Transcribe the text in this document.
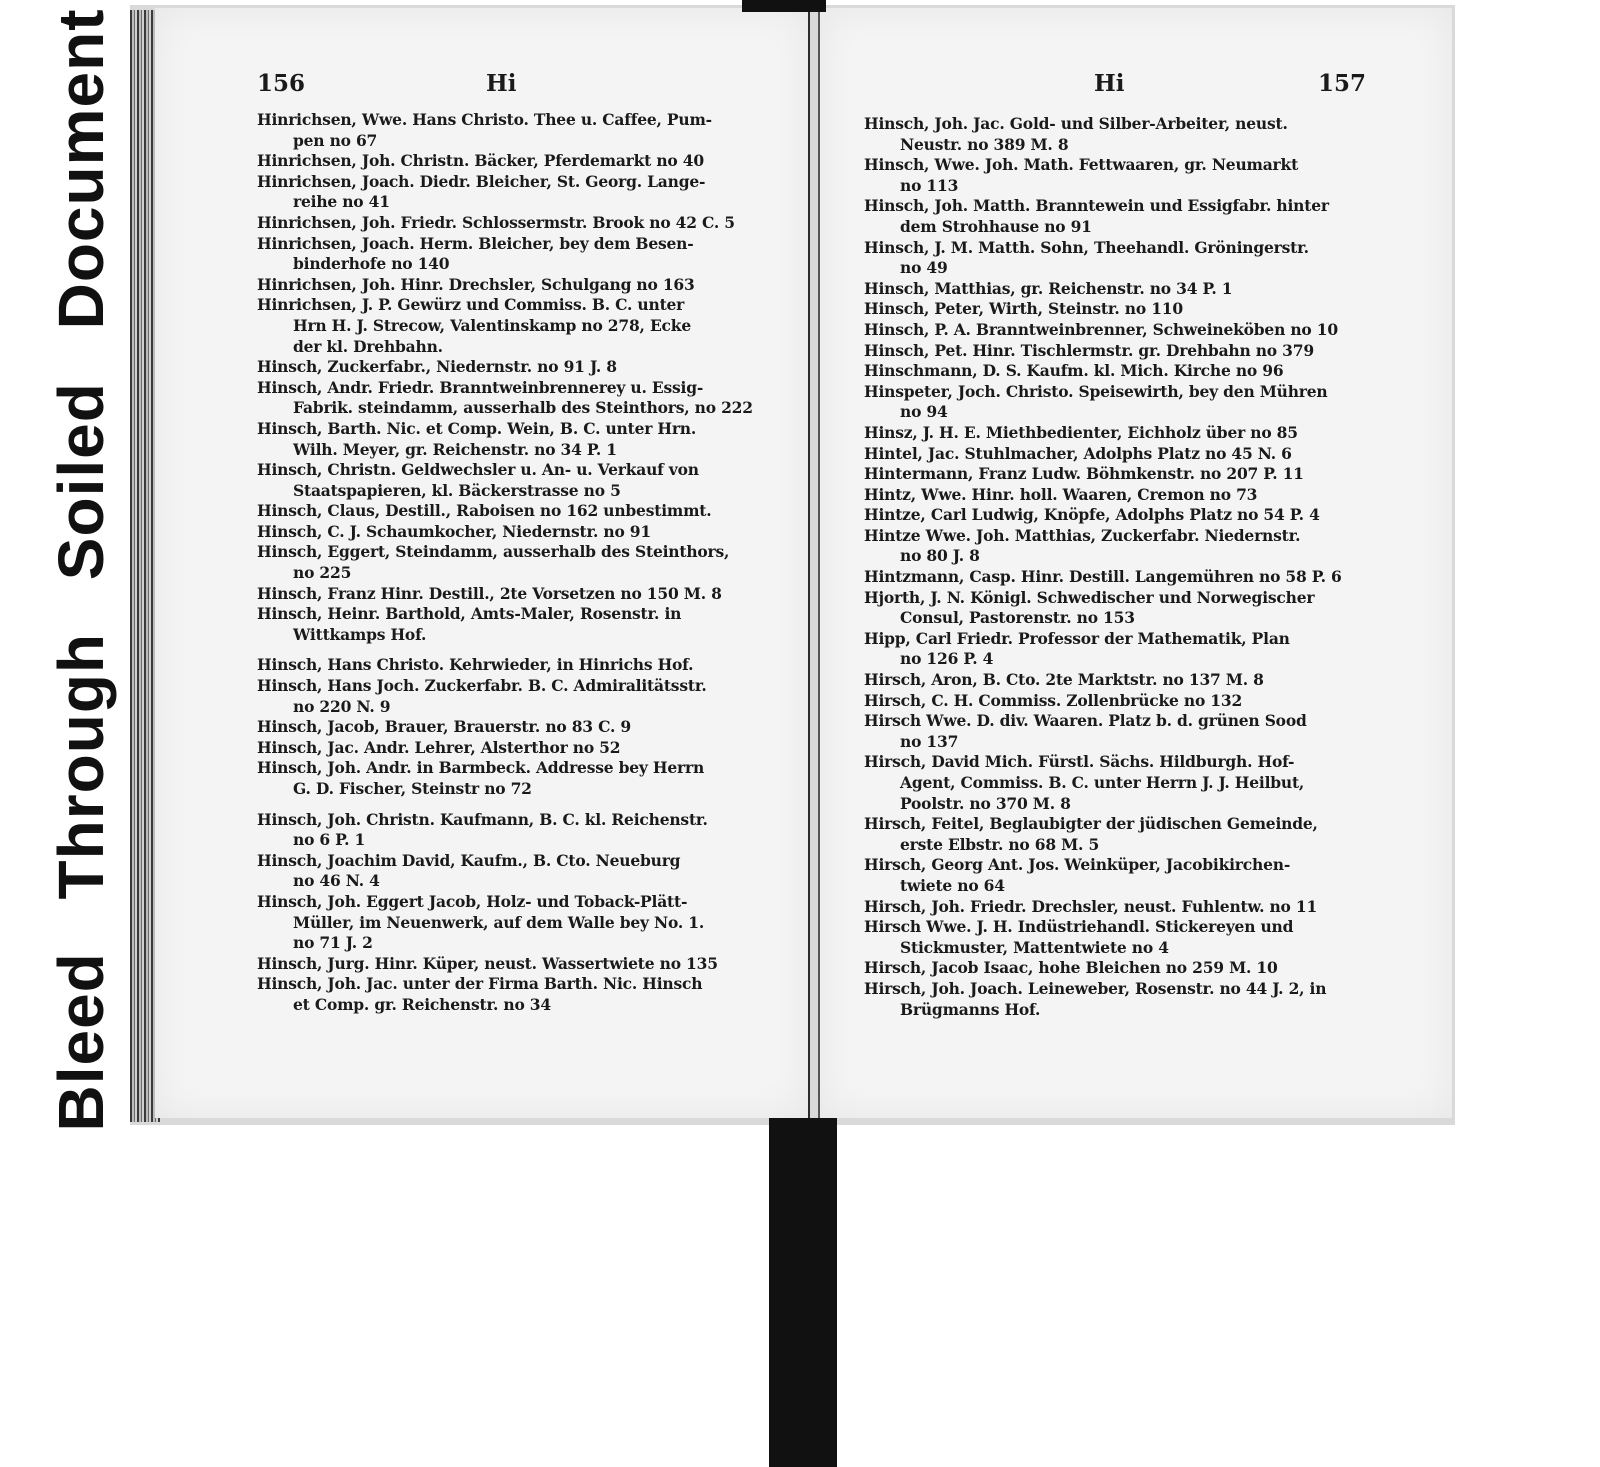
Bleed Through Soiled Document	156	Hi	Hi	157
Hinrichsen, Wwe. Hans Christo. Thee u. Caffee, Pum-
pen no 67
Hinrichsen, Joh. Christn. Bäcker, Pferdemarkt no 40
Hinrichsen, Joach. Diedr. Bleicher, St. Georg. Lange-
reihe no 41
Hinrichsen, Joh. Friedr. Schlossermstr. Brook no 42 C. 5
Hinrichsen, Joach. Herm. Bleicher, bey dem Besen-
binderhofe no 140
Hinrichsen, Joh. Hinr. Drechsler, Schulgang no 163
Hinrichsen, J. P. Gewürz und Commiss. B. C. unter
Hrn H. J. Strecow, Valentinskamp no 278, Ecke
der kl. Drehbahn.
Hinsch, Zuckerfabr., Niedernstr. no 91 J. 8
Hinsch, Andr. Friedr. Branntweinbrennerey u. Essig-
Fabrik. steindamm, ausserhalb des Steinthors, no 222
Hinsch, Barth. Nic. et Comp. Wein, B. C. unter Hrn.
Wilh. Meyer, gr. Reichenstr. no 34 P. 1
Hinsch, Christn. Geldwechsler u. An- u. Verkauf von
Staatspapieren, kl. Bäckerstrasse no 5
Hinsch, Claus, Destill., Raboisen no 162 unbestimmt.
Hinsch, C. J. Schaumkocher, Niedernstr. no 91
Hinsch, Eggert, Steindamm, ausserhalb des Steinthors,
no 225
Hinsch, Franz Hinr. Destill., 2te Vorsetzen no 150 M. 8
Hinsch, Heinr. Barthold, Amts-Maler, Rosenstr. in
Wittkamps Hof.
Hinsch, Hans Christo. Kehrwieder, in Hinrichs Hof.
Hinsch, Hans Joch. Zuckerfabr. B. C. Admiralitätsstr.
no 220 N. 9
Hinsch, Jacob, Brauer, Brauerstr. no 83 C. 9
Hinsch, Jac. Andr. Lehrer, Alsterthor no 52
Hinsch, Joh. Andr. in Barmbeck. Addresse bey Herrn
G. D. Fischer, Steinstr no 72
Hinsch, Joh. Christn. Kaufmann, B. C. kl. Reichenstr.
no 6 P. 1
Hinsch, Joachim David, Kaufm., B. Cto. Neueburg
no 46 N. 4
Hinsch, Joh. Eggert Jacob, Holz- und Toback-Plätt-
Müller, im Neuenwerk, auf dem Walle bey No. 1.
no 71 J. 2
Hinsch, Jurg. Hinr. Küper, neust. Wassertwiete no 135
Hinsch, Joh. Jac. unter der Firma Barth. Nic. Hinsch
et Comp. gr. Reichenstr. no 34
Hinsch, Joh. Jac. Gold- und Silber-Arbeiter, neust.
Neustr. no 389 M. 8
Hinsch, Wwe. Joh. Math. Fettwaaren, gr. Neumarkt
no 113
Hinsch, Joh. Matth. Branntewein und Essigfabr. hinter
dem Strohhause no 91
Hinsch, J. M. Matth. Sohn, Theehandl. Gröningerstr.
no 49
Hinsch, Matthias, gr. Reichenstr. no 34 P. 1
Hinsch, Peter, Wirth, Steinstr. no 110
Hinsch, P. A. Branntweinbrenner, Schweineköben no 10
Hinsch, Pet. Hinr. Tischlermstr. gr. Drehbahn no 379
Hinschmann, D. S. Kaufm. kl. Mich. Kirche no 96
Hinspeter, Joch. Christo. Speisewirth, bey den Mühren
no 94
Hinsz, J. H. E. Miethbedienter, Eichholz über no 85
Hintel, Jac. Stuhlmacher, Adolphs Platz no 45 N. 6
Hintermann, Franz Ludw. Böhmkenstr. no 207 P. 11
Hintz, Wwe. Hinr. holl. Waaren, Cremon no 73
Hintze, Carl Ludwig, Knöpfe, Adolphs Platz no 54 P. 4
Hintze Wwe. Joh. Matthias, Zuckerfabr. Niedernstr.
no 80 J. 8
Hintzmann, Casp. Hinr. Destill. Langemühren no 58 P. 6
Hjorth, J. N. Königl. Schwedischer und Norwegischer
Consul, Pastorenstr. no 153
Hipp, Carl Friedr. Professor der Mathematik, Plan
no 126 P. 4
Hirsch, Aron, B. Cto. 2te Marktstr. no 137 M. 8
Hirsch, C. H. Commiss. Zollenbrücke no 132
Hirsch Wwe. D. div. Waaren. Platz b. d. grünen Sood
no 137
Hirsch, David Mich. Fürstl. Sächs. Hildburgh. Hof-
Agent, Commiss. B. C. unter Herrn J. J. Heilbut,
Poolstr. no 370 M. 8
Hirsch, Feitel, Beglaubigter der jüdischen Gemeinde,
erste Elbstr. no 68 M. 5
Hirsch, Georg Ant. Jos. Weinküper, Jacobikirchen-
twiete no 64
Hirsch, Joh. Friedr. Drechsler, neust. Fuhlentw. no 11
Hirsch Wwe. J. H. Indüstriehandl. Stickereyen und
Stickmuster, Mattentwiete no 4
Hirsch, Jacob Isaac, hohe Bleichen no 259 M. 10
Hirsch, Joh. Joach. Leineweber, Rosenstr. no 44 J. 2, in
Brügmanns Hof.
